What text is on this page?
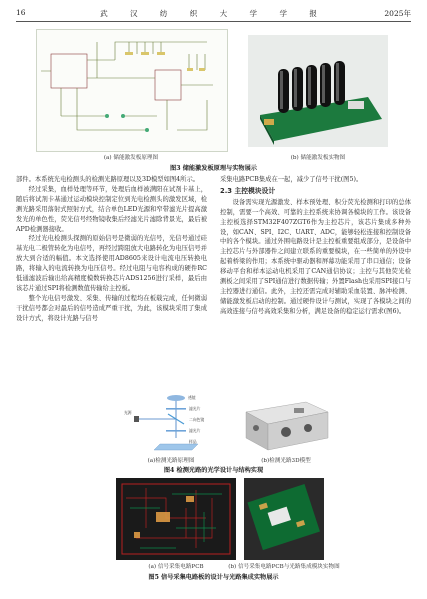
16	武 汉 纺 织 大 学 学 报	2025年
(a) 储能激发板原理图	(b) 储能激发板实物图
图3 储能激发板原理与实物展示

部件。本系统光电检测头的检测光路原理以及3D模型如图4所示。

经过采集，血样处理等环节，处理后血样被满阳在试剂卡基上，随后将试剂卡基通过运动模块控制定位到光电检测头的激发区域，检测光路采用落射式照射方式，结合单色LED光源和窄带滤光片提高激发光的单色性，荧光信号经物镜收集后经滤光片滤除背景光，最后被APD检测器接收。

经过光电检测头探测的原始信号是微弱的光信号，光信号通过硅基光电二极管转化为电信号，再经过跨阻放大电路转化为电压信号并放大到合适的幅值。本文选择使用AD8605来设计电流电压转换电路，将输入的电流转换为电压信号。经过电阻与电容构成的硬件RC低通滤波后输出给高精度模数转换芯片ADS1256进行采样，最后由该芯片通过SPI将检测数值传输给主控板。

整个光电信号激发、采集、传输的过程均在板载完成，任何微弱干扰信号都会对最后的信号造成严重干扰，为此，该模块采用了集成设计方式，将设计光路与信号

采集电路PCB集成在一起，减少了信号干扰(图5)。

2.3 主控模块设计

设备需实现光源激发、样本预处理、积分荧光检测和打印的总体控制，需要一个高效、可靠的主控系统来协调各模块的工作。该设备主控板选择STM32F407ZGT6作为主控芯片，该芯片集成多种外设，如CAN、SPI、I2C、UART、ADC，能够轻松连接和控制设备中的各个模块。通过外围电路设计是主控板重要组成部分，是设备中主控芯片与外部器件之间建立联系的重要模块，在一些简单的外设中起着桥梁的作用；本系统中驱动器和屏幕功能采用了串口通信；设备移动平台和样本运动电机采用了CAN通信协议；主控与其他荧光检测板之间采用了SPI通信进行数据传输；外置Flash也采用SPI接口与主控器进行通信。此外，主控还需完成对辅助采血装置、脉冲检测、储能激发板启动的控制。通过硬件设计与测试，实现了各模块之间的高效连接与信号高效采集和分析，满足设备的稳定运行需求(图6)。

透镜
光源
滤光片
二向色镜
滤光片
样品
(a)检测光路原理图	(b)检测光路3D模型
图4 检测光路的光学设计与结构实现
(a) 信号采集电路PCB	(b) 信号采集电路PCB与光路集成模块实物图
图5 信号采集电路板的设计与光路集成实物展示
